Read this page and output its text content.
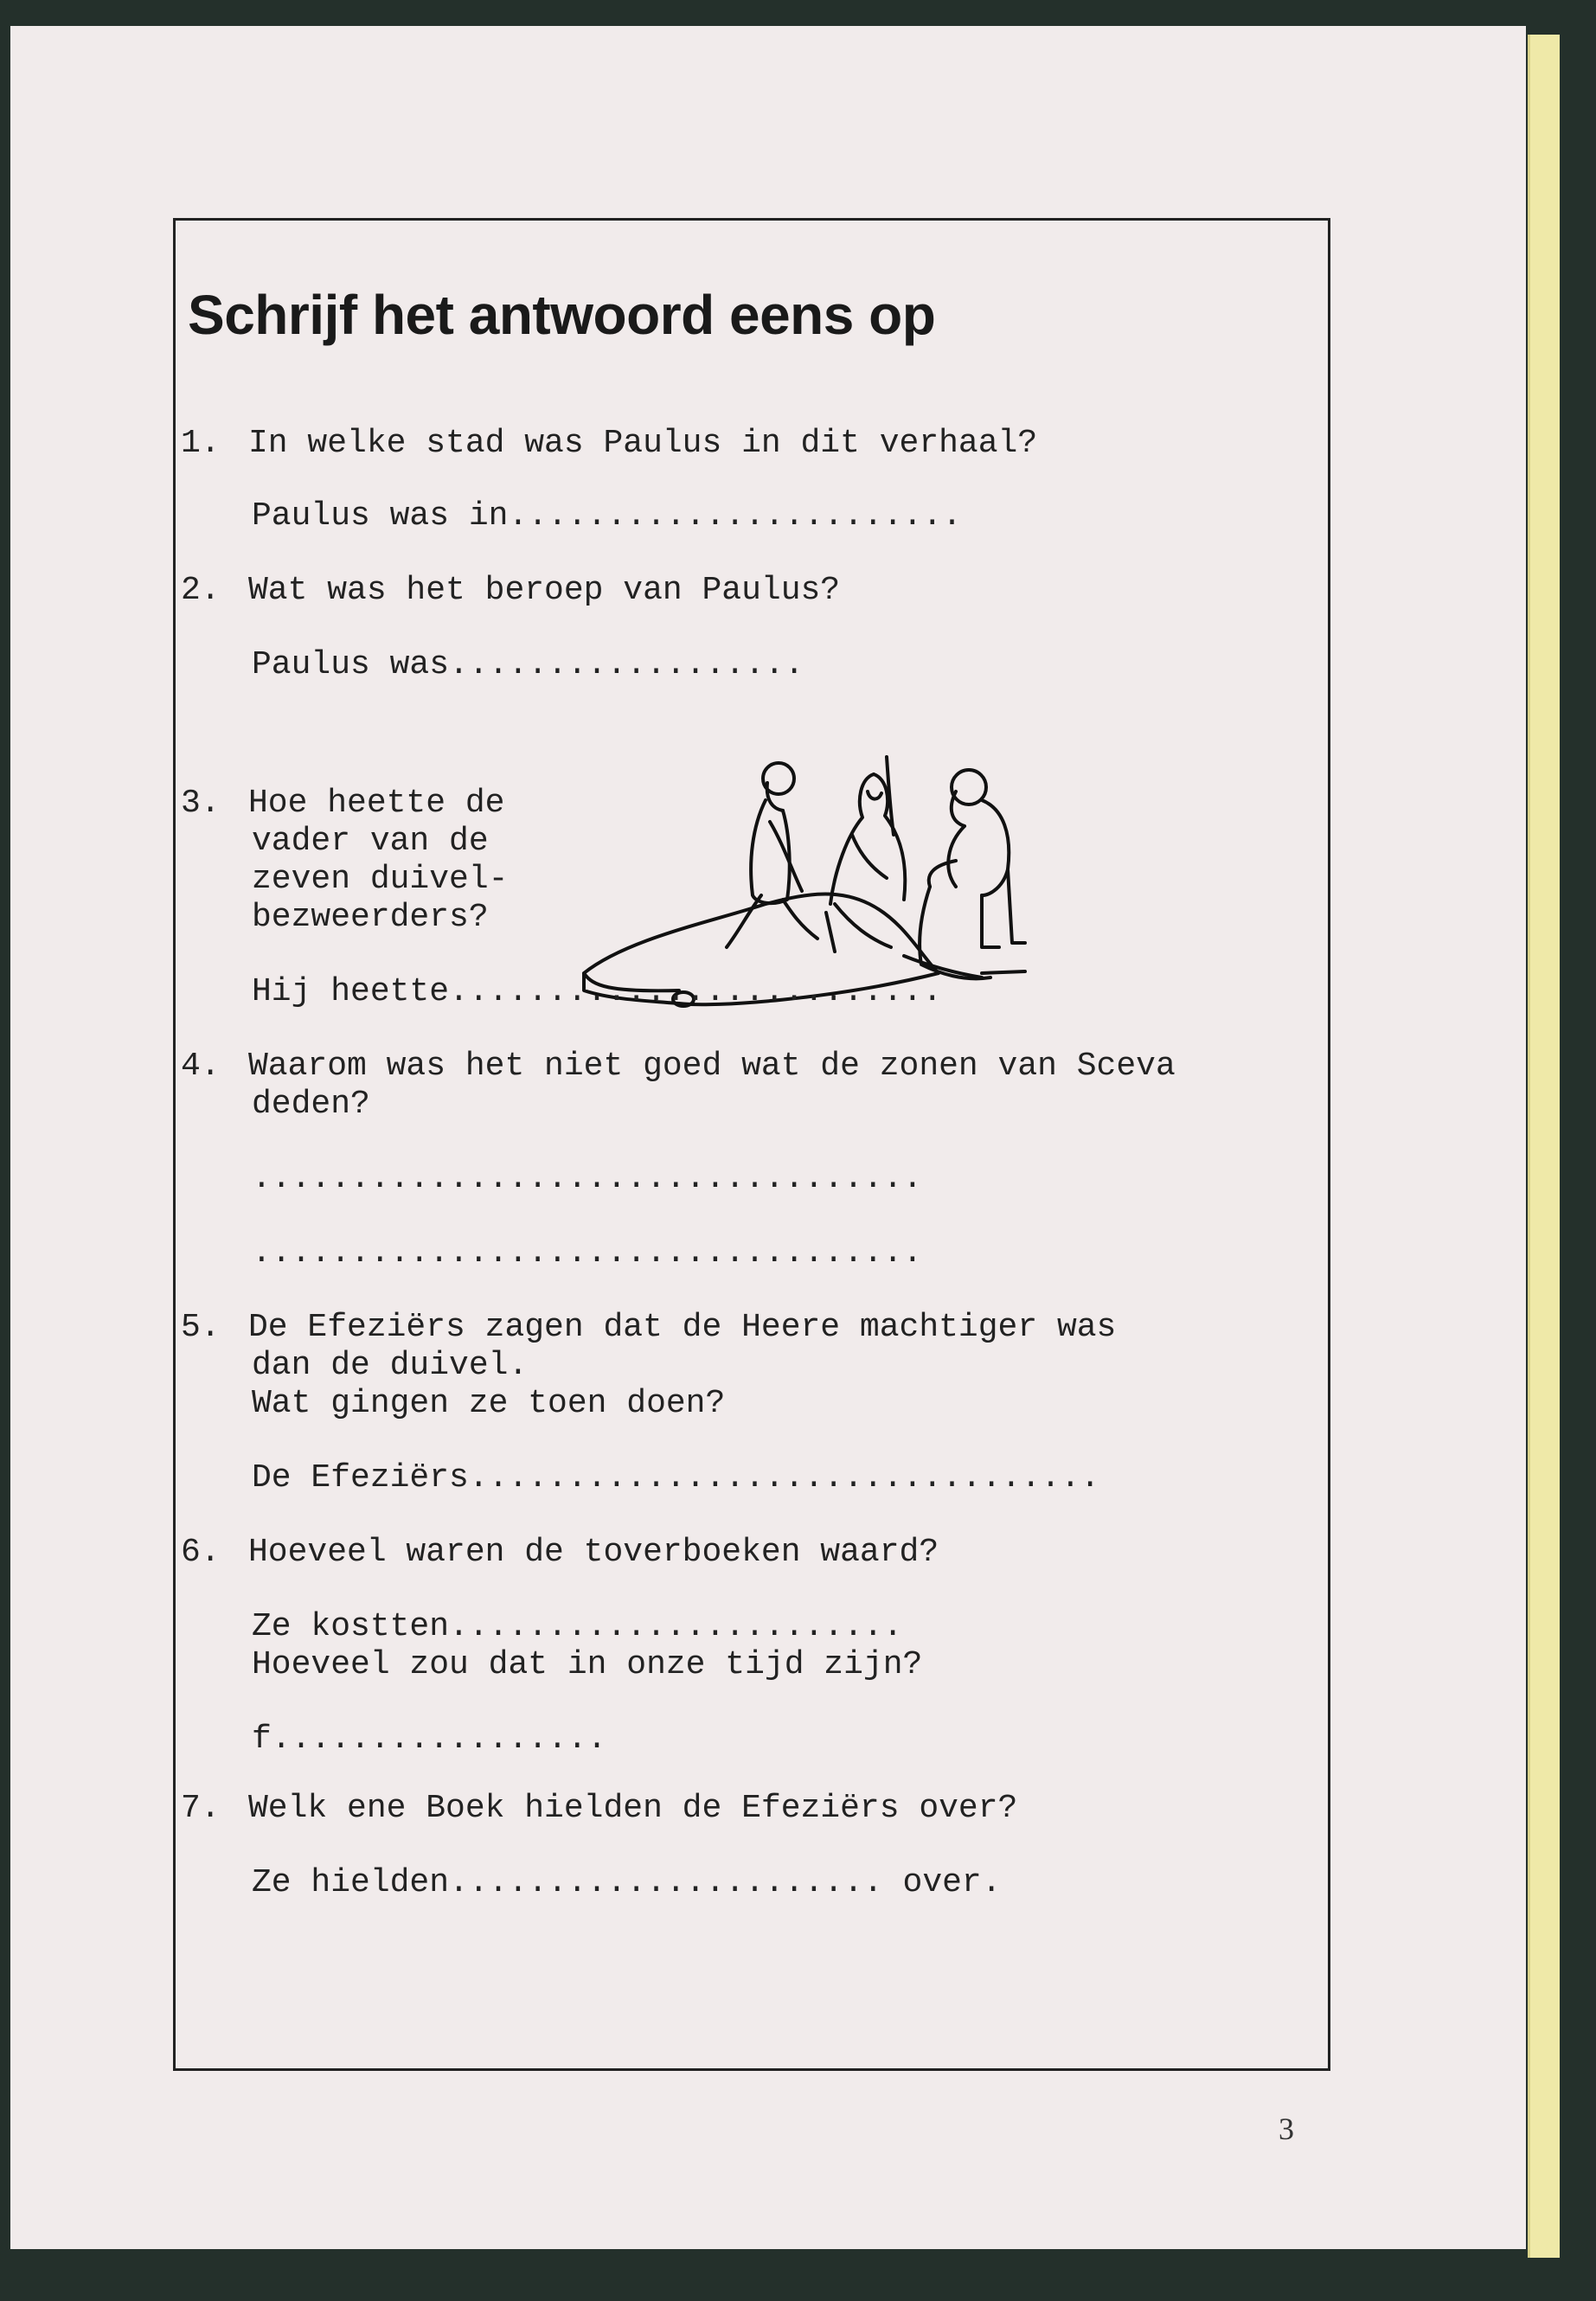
Schrijf het antwoord eens op
1. In welke stad was Paulus in dit verhaal?
Paulus was in.......................
2. Wat was het beroep van Paulus?
Paulus was..................
3. Hoe heette de
vader van de
zeven duivel-
bezweerders?
Hij heette.........................
4. Waarom was het niet goed wat de zonen van Sceva
deden?
..................................
..................................
5. De Efeziërs zagen dat de Heere machtiger was
dan de duivel.
Wat gingen ze toen doen?
De Efeziërs................................
6. Hoeveel waren de toverboeken waard?
Ze kostten.......................
Hoeveel zou dat in onze tijd zijn?
f.................
7. Welk ene Boek hielden de Efeziërs over?
Ze hielden...................... over.
3
